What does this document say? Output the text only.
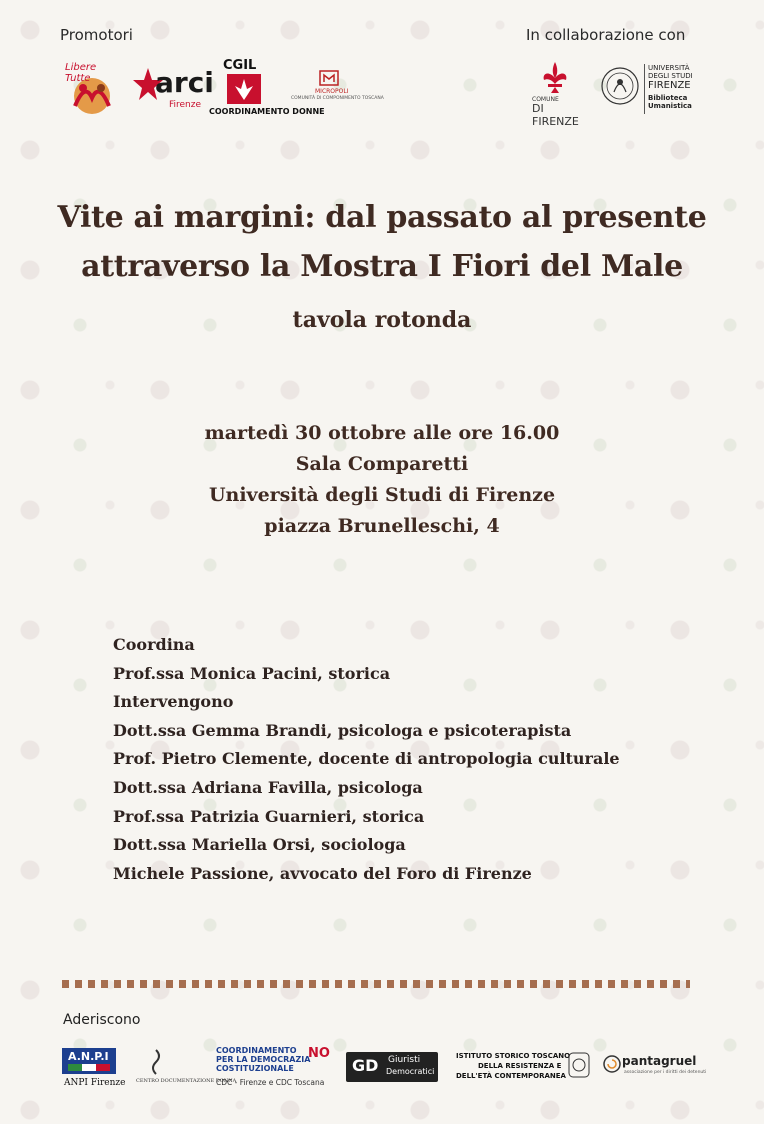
Promotori	In collaborazione con
Libere Tutte	arci
Firenze
CGIL
COORDINAMENTO DONNE
MICROPOLI
COMUNITÀ DI COMPONIMENTO TOSCANA	COMUNE
DI FIRENZE
UNIVERSITÀ
DEGLI STUDI
FIRENZE
Biblioteca Umanistica
Vite ai margini: dal passato al presente
attraverso la Mostra I Fiori del Male
tavola rotonda
martedì 30 ottobre alle ore 16.00
Sala Comparetti
Università degli Studi di Firenze
piazza Brunelleschi, 4
Coordina
Prof.ssa Monica Pacini, storica
Intervengono
Dott.ssa Gemma Brandi, psicologa e psicoterapista
Prof. Pietro Clemente, docente di antropologia culturale
Dott.ssa Adriana Favilla, psicologa
Prof.ssa Patrizia Guarnieri, storica
Dott.ssa Mariella Orsi, sociologa
Michele Passione, avvocato del Foro di Firenze
Aderiscono
A.N.P.I
ANPI Firenze CENTRO DOCUMENTAZIONE DONNA
COORDINAMENTO
PER LA DEMOCRAZIA
COSTITUZIONALE
NO
CDC - Firenze e CDC Toscana
GD Giuristi
Democratici
ISTITUTO STORICO TOSCANO
DELLA RESISTENZA E
DELL'ETÀ CONTEMPORANEA
pantagruel
associazione per i diritti dei detenuti
